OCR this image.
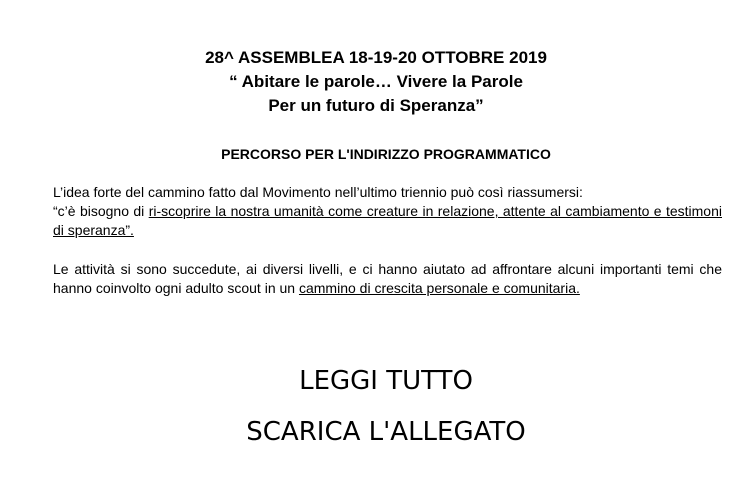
28^ ASSEMBLEA 18-19-20 OTTOBRE 2019
“ Abitare le parole… Vivere la Parole
Per un futuro di Speranza”
PERCORSO PER L'INDIRIZZO PROGRAMMATICO
L’idea forte del cammino fatto dal Movimento nell’ultimo triennio può così riassumersi:
“c’è bisogno di ri-scoprire la nostra umanità come creature in relazione, attente al cambiamento e testimoni di speranza”.
Le attività si sono succedute, ai diversi livelli, e ci hanno aiutato ad affrontare alcuni importanti temi che hanno coinvolto ogni adulto scout in un cammino di crescita personale e comunitaria.
LEGGI TUTTO
SCARICA L'ALLEGATO
